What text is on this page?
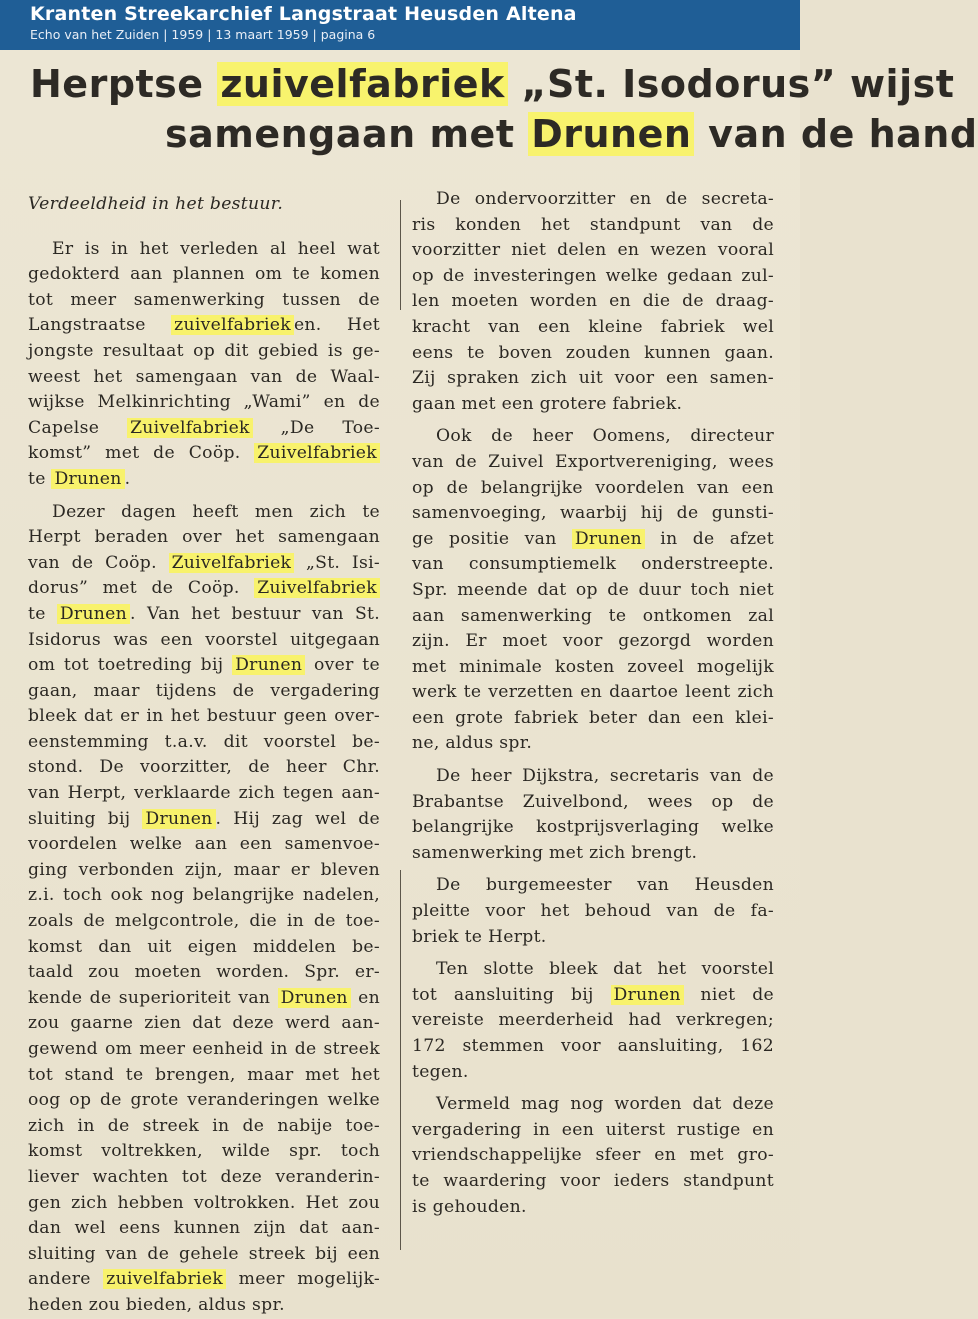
Kranten Streekarchief Langstraat Heusden Altena
Echo van het Zuiden | 1959 | 13 maart 1959 | pagina 6
Herptse zuivelfabriek „St. Isodorus” wijst
samengaan met Drunen van de hand
Verdeeldheid in het bestuur.
Er is in het verleden al heel wat
gedokterd aan plannen om te komen
tot meer samenwerking tussen de
Langstraatse zuivelfabriek en. Het
jongste resultaat op dit gebied is ge-
weest het samengaan van de Waal-
wijkse Melkinrichting „Wami” en de
Capelse Zuivelfabriek „De Toe-
komst” met de Coöp. Zuivelfabriek
te Drunen .
Dezer dagen heeft men zich te
Herpt beraden over het samengaan
van de Coöp. Zuivelfabriek „St. Isi-
dorus” met de Coöp. Zuivelfabriek
te Drunen . Van het bestuur van St.
Isidorus was een voorstel uitgegaan
om tot toetreding bij Drunen over te
gaan, maar tijdens de vergadering
bleek dat er in het bestuur geen over-
eenstemming t.a.v. dit voorstel be-
stond. De voorzitter, de heer Chr.
van Herpt, verklaarde zich tegen aan-
sluiting bij Drunen . Hij zag wel de
voordelen welke aan een samenvoe-
ging verbonden zijn, maar er bleven
z.i. toch ook nog belangrijke nadelen,
zoals de melgcontrole, die in de toe-
komst dan uit eigen middelen be-
taald zou moeten worden. Spr. er-
kende de superioriteit van Drunen en
zou gaarne zien dat deze werd aan-
gewend om meer eenheid in de streek
tot stand te brengen, maar met het
oog op de grote veranderingen welke
zich in de streek in de nabije toe-
komst voltrekken, wilde spr. toch
liever wachten tot deze veranderin-
gen zich hebben voltrokken. Het zou
dan wel eens kunnen zijn dat aan-
sluiting van de gehele streek bij een
andere zuivelfabriek meer mogelijk-
heden zou bieden, aldus spr.
De ondervoorzitter en de secreta-
ris konden het standpunt van de
voorzitter niet delen en wezen vooral
op de investeringen welke gedaan zul-
len moeten worden en die de draag-
kracht van een kleine fabriek wel
eens te boven zouden kunnen gaan.
Zij spraken zich uit voor een samen-
gaan met een grotere fabriek.
Ook de heer Oomens, directeur
van de Zuivel Exportvereniging, wees
op de belangrijke voordelen van een
samenvoeging, waarbij hij de gunsti-
ge positie van Drunen in de afzet
van consumptiemelk onderstreepte.
Spr. meende dat op de duur toch niet
aan samenwerking te ontkomen zal
zijn. Er moet voor gezorgd worden
met minimale kosten zoveel mogelijk
werk te verzetten en daartoe leent zich
een grote fabriek beter dan een klei-
ne, aldus spr.
De heer Dijkstra, secretaris van de
Brabantse Zuivelbond, wees op de
belangrijke kostprijsverlaging welke
samenwerking met zich brengt.
De burgemeester van Heusden
pleitte voor het behoud van de fa-
briek te Herpt.
Ten slotte bleek dat het voorstel
tot aansluiting bij Drunen niet de
vereiste meerderheid had verkregen;
172 stemmen voor aansluiting, 162
tegen.
Vermeld mag nog worden dat deze
vergadering in een uiterst rustige en
vriendschappelijke sfeer en met gro-
te waardering voor ieders standpunt
is gehouden.
